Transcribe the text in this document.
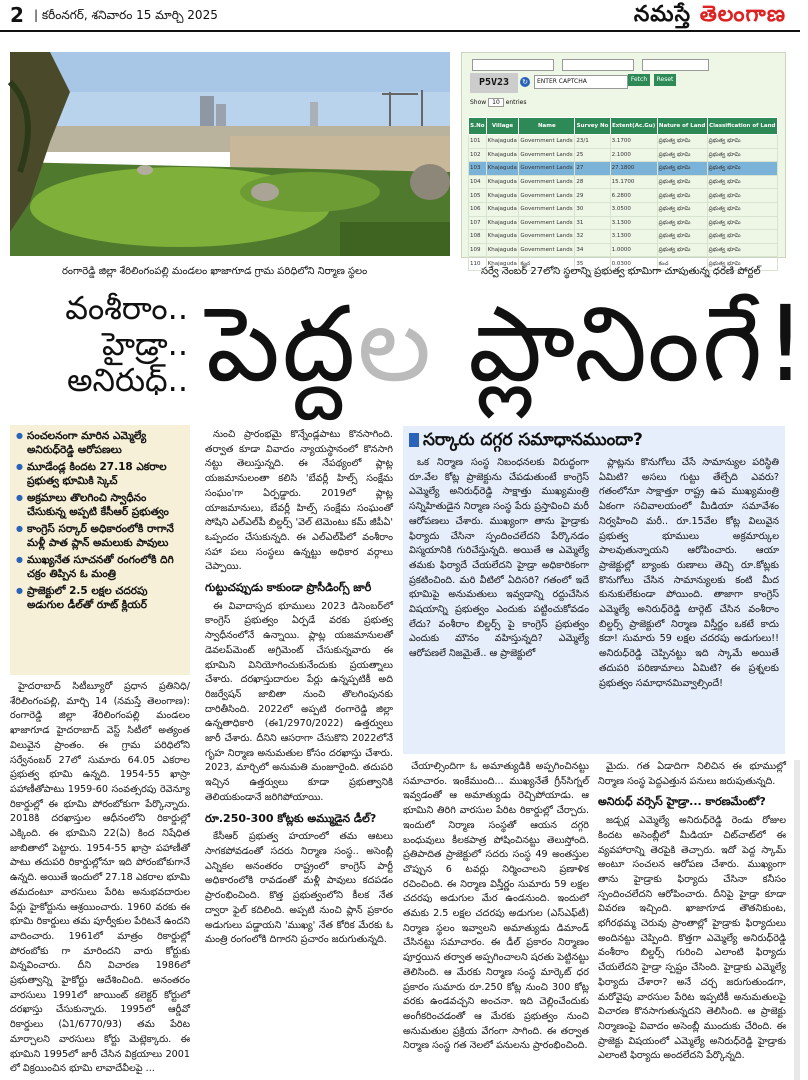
2 | కరీంనగర్, శనివారం 15 మార్చి 2025	నమస్తే తెలంగాణ
రంగారెడ్డి జిల్లా శేరిలింగంపల్లి మండలం ఖాజాగూడ గ్రామ పరిధిలోని నిర్మాణ స్థలం
P5V23	↻	ENTER CAPTCHA	Fetch	Reset
Show 10 entries
S.No	Village	Name	Survey No	Extent(Ac.Gu)	Nature of Land	Classification of Land
101	Khajaguda	Government Lands	23/1	3.1700	ప్రభుత్వ భూమి	ప్రభుత్వ భూమి
102	Khajaguda	Government Lands	25	2.1000	ప్రభుత్వ భూమి	ప్రభుత్వ భూమి
103	Khajaguda	Government Lands	27	27.1800	ప్రభుత్వ భూమి	ప్రభుత్వ భూమి
104	Khajaguda	Government Lands	28	15.1700	ప్రభుత్వ భూమి	ప్రభుత్వ భూమి
105	Khajaguda	Government Lands	29	6.2800	ప్రభుత్వ భూమి	ప్రభుత్వ భూమి
106	Khajaguda	Government Lands	30	3.0500	ప్రభుత్వ భూమి	ప్రభుత్వ భూమి
107	Khajaguda	Government Lands	31	3.1300	ప్రభుత్వ భూమి	ప్రభుత్వ భూమి
108	Khajaguda	Government Lands	32	3.1300	ప్రభుత్వ భూమి	ప్రభుత్వ భూమి
109	Khajaguda	Government Lands	34	1.0000	ప్రభుత్వ భూమి	ప్రభుత్వ భూమి
110	Khajaguda	కంచ	35	0.0300	కంచ	ప్రభుత్వ భూమి
సర్వే నెంబర్ 27లోని స్థలాన్ని ప్రభుత్వ భూమిగా చూపుతున్న ధరణి పోర్టల్
వంశీరాం..
హైడ్రా..
అనిరుధ్.. పెద్దల ప్లానింగే!
● సంచలనంగా మారిన ఎమ్మెల్యే అనిరుధ్‌రెడ్డి ఆరోపణలు
● మూడేండ్ల కిందట 27.18 ఎకరాల ప్రభుత్వ భూమికి స్కెచ్
● అక్రమాలు తొలగించి స్వాధీనం చేసుకున్న అప్పటి కేసీఆర్ ప్రభుత్వం
● కాంగ్రెస్ సర్కార్ అధికారంలోకి రాగానే మళ్లీ పాత ప్లాన్ అమలుకు పావులు
● ముఖ్యనేత సూచనతో రంగంలోకి దిగి చక్రం తిప్పిన ఓ మంత్రి
● ప్రాజెక్టులో 2.5 లక్షల చదరపు అడుగుల డీల్‌తో రూట్ క్లియర్

హైదరాబాద్ సిటీబ్యూరో ప్రధాన ప్రతినిధి/శేరిలింగంపల్లి, మార్చి 14 (నమస్తే తెలంగాణ): రంగారెడ్డి జిల్లా శేరిలింగంపల్లి మండలం ఖాజాగూడ హైదరాబాద్ వెస్ట్ సిటీలో అత్యంత విలువైన ప్రాంతం. ఈ గ్రామ పరిధిలోని సర్వేనంబర్ 27లో సుమారు 64.05 ఎకరాల ప్రభుత్వ భూమి ఉన్నది. 1954-55 ఖాస్రా పహాణీతోపాటు 1959-60 సంవత్సరపు రెవెన్యూ రికార్డుల్లో ఈ భూమి పోరంబోకుగా పేర్కొన్నారు. 2018కి దరఖాస్తుల ఆధీనంలోని రికార్డుల్లో ఎక్కింది. ఈ భూమిని 22(ఏ) కింద నిషేధిత జాబితాలో పెట్టారు. 1954-55 ఖాస్రా పహాణీతో పాటు తదుపరి రికార్డుల్లోనూ ఇది పోరంబోకుగానే ఉన్నది. అయితే ఇందులో 27.18 ఎకరాల భూమి తమదంటూ వారసులు పేరిట అనుభవదారుల పేర్లు హైకోర్టును ఆశ్రయించారు. 1960 వరకు ఈ భూమి రికార్డులు తమ పూర్వీకుల పేరిటనే ఉందని వాదించారు. 1961లో మాత్రం రికార్డుల్లో పోరంబోకు గా మారిందని వారు కోర్టుకు విన్నవించారు. దీని విచారణ 1986లో ప్రభుత్వాన్ని హైకోర్టు ఆదేశించింది. అనంతరం వారసులు 1991లో జాయింట్ కలెక్టర్ కోర్టులో దరఖాస్తు చేసుకున్నారు. 1995లో ఆర్డీవో రికార్డులు (ఏ1/6770/93) తమ పేరిట మార్చాలని వారసులు కోర్టు మెట్లెక్కారు. ఈ భూమిని 1995లో జారీ చేసిన విక్రయాలు 2001 లో విక్రయించిన భూమి లావాదేవీలపై ...

నుంచి ప్రారంభమై కొన్నేండ్లపాటు కొనసాగింది. తర్వాత కూడా వివాదం న్యాయస్థానంలో కొనసాగి నట్టు తెలుస్తున్నది. ఈ నేపథ్యంలో ప్లాట్ల యజమానులంతా కలిసి 'బేవర్లీ హిల్స్ సంక్షేమ సంఘం'గా ఏర్పడ్డారు. 2019లో ప్లాట్ల యాజమానులు, బేవర్లీ హిల్స్ సంక్షేమ సంఘంతో సోషిని ఎల్‌ఎల్‌పీ బిల్డర్స్ 'వెల్ టెమెంటు కమ్ జీపీఏ' ఒప్పందం చేసుకున్నది. ఈ ఎల్‌ఎల్‌పీలో వంశీరాం సహా పలు సంస్థలు ఉన్నట్టు అధికార వర్గాలు చెప్పాయి.

గుట్టుచప్పుడు కాకుండా ప్రొసీడింగ్స్ జారీ

ఈ వివాదాస్పద భూములు 2023 డిసెంబర్‌లో కాంగ్రెస్ ప్రభుత్వం ఏర్పడే వరకు ప్రభుత్వ స్వాధీనంలోనే ఉన్నాయి. ప్లాట్ల యజమానులతో డెవలప్‌మెంట్ అగ్రిమెంట్ చేసుకున్నవారు ఈ భూమిని వినియోగించుకునేందుకు ప్రయత్నాలు చేశారు. దరఖాస్తుదారుల పేర్లు ఉన్నప్పటికీ అది రిజర్వేషన్ జాబితా నుంచి తొలగింపునకు దారితీసింది. 2022లో అప్పటి రంగారెడ్డి జిల్లా ఉన్నతాధికారి (ఈ1/2970/2022) ఉత్తర్వులు జారీ చేశారు. దీనిని ఆసరాగా చేసుకొని 2022లోనే గృహ నిర్మాణ అనుమతుల కోసం దరఖాస్తు చేశారు. 2023, మార్చిలో అనుమతి మంజూరైంది. తదుపరి ఇచ్చిన ఉత్తర్వులు కూడా ప్రభుత్వానికి తెలియకుండానే జరిగిపోయాయి.

రూ.250-300 కోట్లకు అమ్ముడైన డీల్?

కేసీఆర్ ప్రభుత్వ హయాంలో తమ ఆటలు సాగకపోవడంతో సదరు నిర్మాణ సంస్థ.. అసెంబ్లీ ఎన్నికల అనంతరం రాష్ట్రంలో కాంగ్రెస్ పార్టీ అధికారంలోకి రావడంతో మళ్లీ పావులు కదపడం ప్రారంభించింది. కొత్త ప్రభుత్వంలోని కీలక నేత ద్వారా ఫైల్ కదిలింది. అప్పటి నుంచి ప్లాన్ ప్రకారం అడుగులు పడ్డాయని 'ముఖ్య' నేత కోరిక మేరకు ఓ మంత్రి రంగంలోకి దిగారని ప్రచారం జరుగుతున్నది.

సర్కారు దగ్గర సమాధానముందా?

ఒక నిర్మాణ సంస్థ నిబంధనలకు విరుద్ధంగా రూ.వేల కోట్ల ప్రాజెక్టును చేపడుతుంటే కాంగ్రెస్ ఎమ్మెల్యే అనిరుధ్‌రెడ్డి సాక్షాత్తు ముఖ్యమంత్రి సన్నిహితుడైన నిర్మాణ సంస్థ పేరు ప్రస్తావించి మరీ ఆరోపణలు చేశారు. ముఖ్యంగా తాను హైడ్రాకు ఫిర్యాదు చేసినా స్పందించలేదని పేర్కొనడం విస్మయానికి గురిచేస్తున్నది. అయితే ఆ ఎమ్మెల్యే తమకు ఫిర్యాదే చేయలేదని హైడ్రా అధికారికంగా ప్రకటించింది. మరి వీటిలో ఏదిసరి? గతంలో ఇదే భూమిపై అనుమతులు ఇవ్వడాన్ని రద్దుచేసిన విషయాన్ని ప్రభుత్వం ఎందుకు పట్టించుకోవడం లేదు? వంశీరాం బిల్డర్స్ పై కాంగ్రెస్ ప్రభుత్వం ఎందుకు మౌనం వహిస్తున్నది? ఎమ్మెల్యే ఆరోపణలే నిజమైతే.. ఆ ప్రాజెక్టులో

ప్లాట్లను కొనుగోలు చేసే సామాన్యుల పరిస్థితి ఏమిటి? అసలు గుట్టు తేల్చేది ఎవరు? గతంలోనూ సాక్షాత్తూ రాష్ట్ర ఉప ముఖ్యమంత్రి ఏకంగా సచివాలయంలో మీడియా సమావేశం నిర్వహించి మరీ.. రూ.15వేల కోట్ల విలువైన ప్రభుత్వ భూములు అక్రమార్కుల పాలవుతున్నాయని ఆరోపించారు. ఆయా ప్రాజెక్టుల్లో బ్యాంకు రుణాలు తెచ్చి రూ.కోట్లకు కొనుగోలు చేసిన సామాన్యులకు కంటి మీద కునుకులేకుండా పోయింది. తాజాగా కాంగ్రెస్ ఎమ్మెల్యే అనిరుధ్‌రెడ్డి టార్గెట్ చేసిన వంశీరాం బిల్డర్స్ ప్రాజెక్టులో నిర్మాణ విస్తీర్ణం ఒకటే కాదు కదా! సుమారు 59 లక్షల చదరపు అడుగులు!! అనిరుధ్‌రెడ్డి చెప్పినట్టు ఇది స్కామే అయితే తదుపరి పరిణామాలు ఏమిటి? ఈ ప్రశ్నలకు ప్రభుత్వం సమాధానమివ్వాల్సిందే!

చేయాల్సిందిగా ఓ అమాత్యుడికి అప్పగించినట్టు సమాచారం. ఇంకేముంది... ముఖ్యనేతే గ్రీన్‌సిగ్నల్ ఇవ్వడంతో ఆ అమాత్యుడు రెచ్చిపోయాడు. ఆ భూమిని తిరిగి వారసుల పేరిట రికార్డుల్లో చేర్చారు. ఇందులో నిర్మాణ సంస్థతో ఆయన దగ్గరి బంధువులు కీలకపాత్ర పోషించినట్టు తెలుస్తోంది. ప్రతిపాదిత ప్రాజెక్టులో సదరు సంస్థ 49 అంతస్తుల చొప్పున 6 టవర్లు నిర్మించాలని ప్రణాళిక రచించింది. ఈ నిర్మాణ విస్తీర్ణం సుమారు 59 లక్షల చదరపు అడుగుల మేర ఉండనుంది. ఇందులో తమకు 2.5 లక్షల చదరపు అడుగుల (ఎస్‌ఎఫ్‌టీ) నిర్మాణ స్థలం ఇవ్వాలని అమాత్యుడు డిమాండ్ చేసినట్టు సమాచారం. ఈ డీల్ ప్రకారం నిర్మాణం పూర్తయిన తర్వాత అప్పగించాలని షరతు పెట్టినట్టు తెలిసింది. ఆ మేరకు నిర్మాణ సంస్థ మార్కెట్ ధర ప్రకారం సుమారు రూ.250 కోట్ల నుంచి 300 కోట్ల వరకు ఉండవచ్చని అంచనా. ఇది చెల్లించేందుకు అంగీకరించడంతో ఆ మేరకు ప్రభుత్వం నుంచి అనుమతుల ప్రక్రియ వేగంగా సాగింది. ఈ తర్వాత నిర్మాణ సంస్థ గత నెలలో పనులను ప్రారంభించింది.

మైదు. గత ఏడాదిగా నిలిచిన ఈ భూముల్లో నిర్మాణ సంస్థ పెద్దఎత్తున పనులు జరుపుతున్నది.

అనిరుధ్ వర్సెస్ హైడ్రా... కారణమేంటో?

జడ్చర్ల ఎమ్మెల్యే అనిరుధ్‌రెడ్డి రెండు రోజుల కిందట అసెంబ్లీలో మీడియా చిట్‌చాట్‌లో ఈ వ్యవహారాన్ని తెరపైకి తెచ్చారు. ఇదో పెద్ద స్కామ్ అంటూ సంచలన ఆరోపణ చేశారు. ముఖ్యంగా తాను హైడ్రాకు ఫిర్యాదు చేసినా కనీసం స్పందించలేదని ఆరోపించారు. దీనిపై హైడ్రా కూడా వివరణ ఇచ్చింది. ఖాజాగూడ తౌతనికుంట, భగీరథమ్మ చెరువు ప్రాంతాల్లో హైడ్రాకు ఫిర్యాదులు అందినట్టు చెప్పింది. కొత్తగా ఎమ్మెల్యే అనిరుధ్‌రెడ్డి వంశీరాం బిల్డర్స్ గురించి ఎలాంటి ఫిర్యాదు చేయలేదని హైడ్రా స్పష్టం చేసింది. హైడ్రాకు ఎమ్మెల్యే ఫిర్యాదు చేశారా? అనే చర్చ జరుగుతుండగా, మరోవైపు వారసుల పేరిట ఇప్పటికీ అనుమతులపై విచారణ కొనసాగుతున్నదని తెలిసింది. ఆ ప్రాజెక్టు నిర్మాణంపై వివాదం అసెంబ్లీ ముందుకు చేరింది. ఈ ప్రాజెక్టు విషయంలో ఎమ్మెల్యే అనిరుధ్‌రెడ్డి హైడ్రాకు ఎలాంటి ఫిర్యాదు అందలేదని పేర్కొన్నది.
